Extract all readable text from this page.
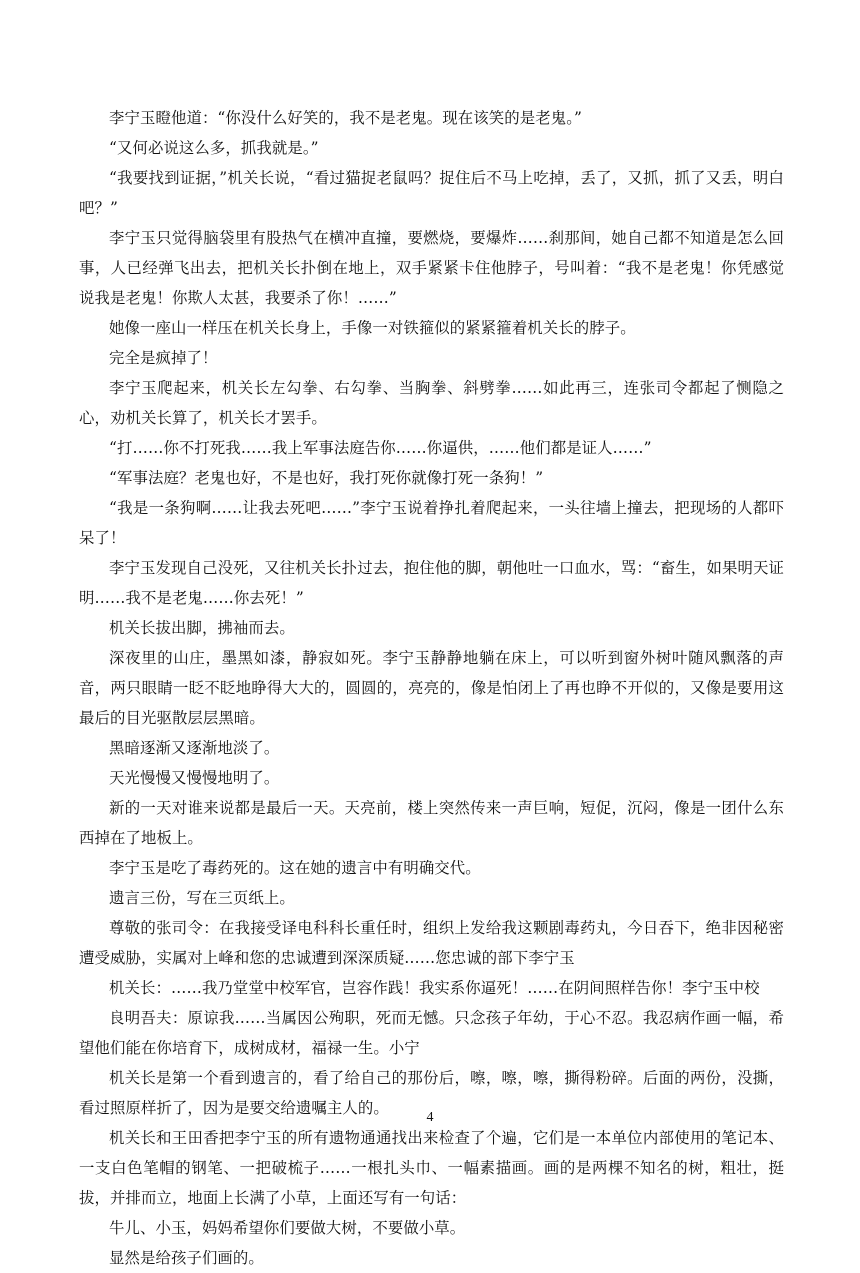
李宁玉瞪他道：“你没什么好笑的，我不是老鬼。现在该笑的是老鬼。”

“又何必说这么多，抓我就是。”

“我要找到证据，”机关长说，“看过猫捉老鼠吗？捉住后不马上吃掉，丢了，又抓，抓了又丢，明白吧？”

李宁玉只觉得脑袋里有股热气在横冲直撞，要燃烧，要爆炸……刹那间，她自己都不知道是怎么回事，人已经弹飞出去，把机关长扑倒在地上，双手紧紧卡住他脖子，号叫着：“我不是老鬼！你凭感觉说我是老鬼！你欺人太甚，我要杀了你！……”

她像一座山一样压在机关长身上，手像一对铁箍似的紧紧箍着机关长的脖子。

完全是疯掉了！

李宁玉爬起来，机关长左勾拳、右勾拳、当胸拳、斜劈拳……如此再三，连张司令都起了恻隐之心，劝机关长算了，机关长才罢手。

“打……你不打死我……我上军事法庭告你……你逼供，……他们都是证人……”

“军事法庭？老鬼也好，不是也好，我打死你就像打死一条狗！”

“我是一条狗啊……让我去死吧……”李宁玉说着挣扎着爬起来，一头往墙上撞去，把现场的人都吓呆了！

李宁玉发现自己没死，又往机关长扑过去，抱住他的脚，朝他吐一口血水，骂：“畜生，如果明天证明……我不是老鬼……你去死！”

机关长拔出脚，拂袖而去。

深夜里的山庄，墨黑如漆，静寂如死。李宁玉静静地躺在床上，可以听到窗外树叶随风飘落的声音，两只眼睛一眨不眨地睁得大大的，圆圆的，亮亮的，像是怕闭上了再也睁不开似的，又像是要用这最后的目光驱散层层黑暗。

黑暗逐渐又逐渐地淡了。

天光慢慢又慢慢地明了。

新的一天对谁来说都是最后一天。天亮前，楼上突然传来一声巨响，短促，沉闷，像是一团什么东西掉在了地板上。

李宁玉是吃了毒药死的。这在她的遗言中有明确交代。

遗言三份，写在三页纸上。

尊敬的张司令：在我接受译电科科长重任时，组织上发给我这颗剧毒药丸，今日吞下，绝非因秘密遭受威胁，实属对上峰和您的忠诚遭到深深质疑……您忠诚的部下李宁玉

机关长：……我乃堂堂中校军官，岂容作践！我实系你逼死！……在阴间照样告你！李宁玉中校

良明吾夫：原谅我……当属因公殉职，死而无憾。只念孩子年幼，于心不忍。我忍病作画一幅，希望他们能在你培育下，成树成材，福禄一生。小宁

机关长是第一个看到遗言的，看了给自己的那份后，嚓，嚓，嚓，撕得粉碎。后面的两份，没撕，看过照原样折了，因为是要交给遗嘱主人的。

机关长和王田香把李宁玉的所有遗物通通找出来检查了个遍，它们是一本单位内部使用的笔记本、一支白色笔帽的钢笔、一把破梳子……一根扎头巾、一幅素描画。画的是两棵不知名的树，粗壮，挺拔，并排而立，地面上长满了小草，上面还写有一句话：

牛儿、小玉，妈妈希望你们要做大树，不要做小草。

显然是给孩子们画的。

4
